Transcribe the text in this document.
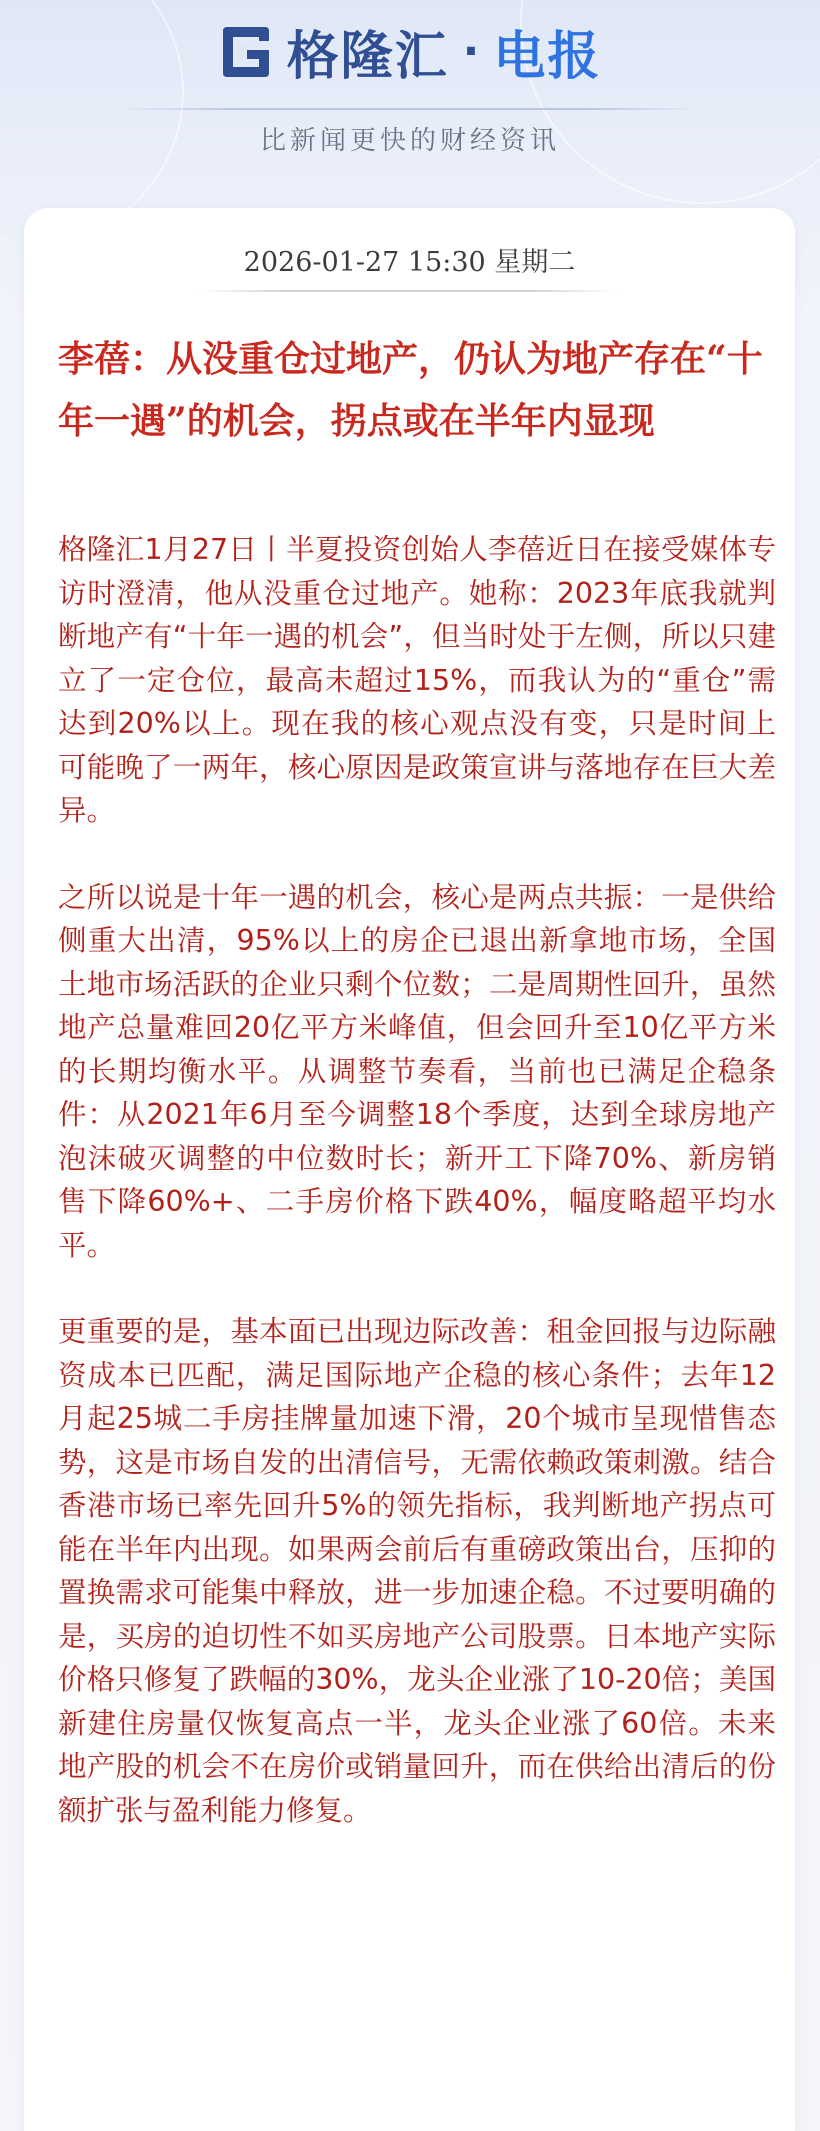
格隆汇 · 电报
比新闻更快的财经资讯
2026-01-27 15:30 星期二
李蓓：从没重仓过地产，仍认为地产存在“十年一遇”的机会，拐点或在半年内显现

格隆汇1月27日丨半夏投资创始人李蓓近日在接受媒体专访时澄清，他从没重仓过地产。她称：2023年底我就判断地产有“十年一遇的机会”，但当时处于左侧，所以只建立了一定仓位，最高未超过15%，而我认为的“重仓”需达到20%以上。现在我的核心观点没有变，只是时间上可能晚了一两年，核心原因是政策宣讲与落地存在巨大差异。

之所以说是十年一遇的机会，核心是两点共振：一是供给侧重大出清，95%以上的房企已退出新拿地市场，全国土地市场活跃的企业只剩个位数；二是周期性回升，虽然地产总量难回20亿平方米峰值，但会回升至10亿平方米的长期均衡水平。从调整节奏看，当前也已满足企稳条件：从2021年6月至今调整18个季度，达到全球房地产泡沫破灭调整的中位数时长；新开工下降70%、新房销售下降60%+、二手房价格下跌40%，幅度略超平均水平。

更重要的是，基本面已出现边际改善：租金回报与边际融资成本已匹配，满足国际地产企稳的核心条件；去年12月起25城二手房挂牌量加速下滑，20个城市呈现惜售态势，这是市场自发的出清信号，无需依赖政策刺激。结合香港市场已率先回升5%的领先指标，我判断地产拐点可能在半年内出现。如果两会前后有重磅政策出台，压抑的置换需求可能集中释放，进一步加速企稳。不过要明确的是，买房的迫切性不如买房地产公司股票。日本地产实际价格只修复了跌幅的30%，龙头企业涨了10-20倍；美国新建住房量仅恢复高点一半，龙头企业涨了60倍。未来地产股的机会不在房价或销量回升，而在供给出清后的份额扩张与盈利能力修复。
